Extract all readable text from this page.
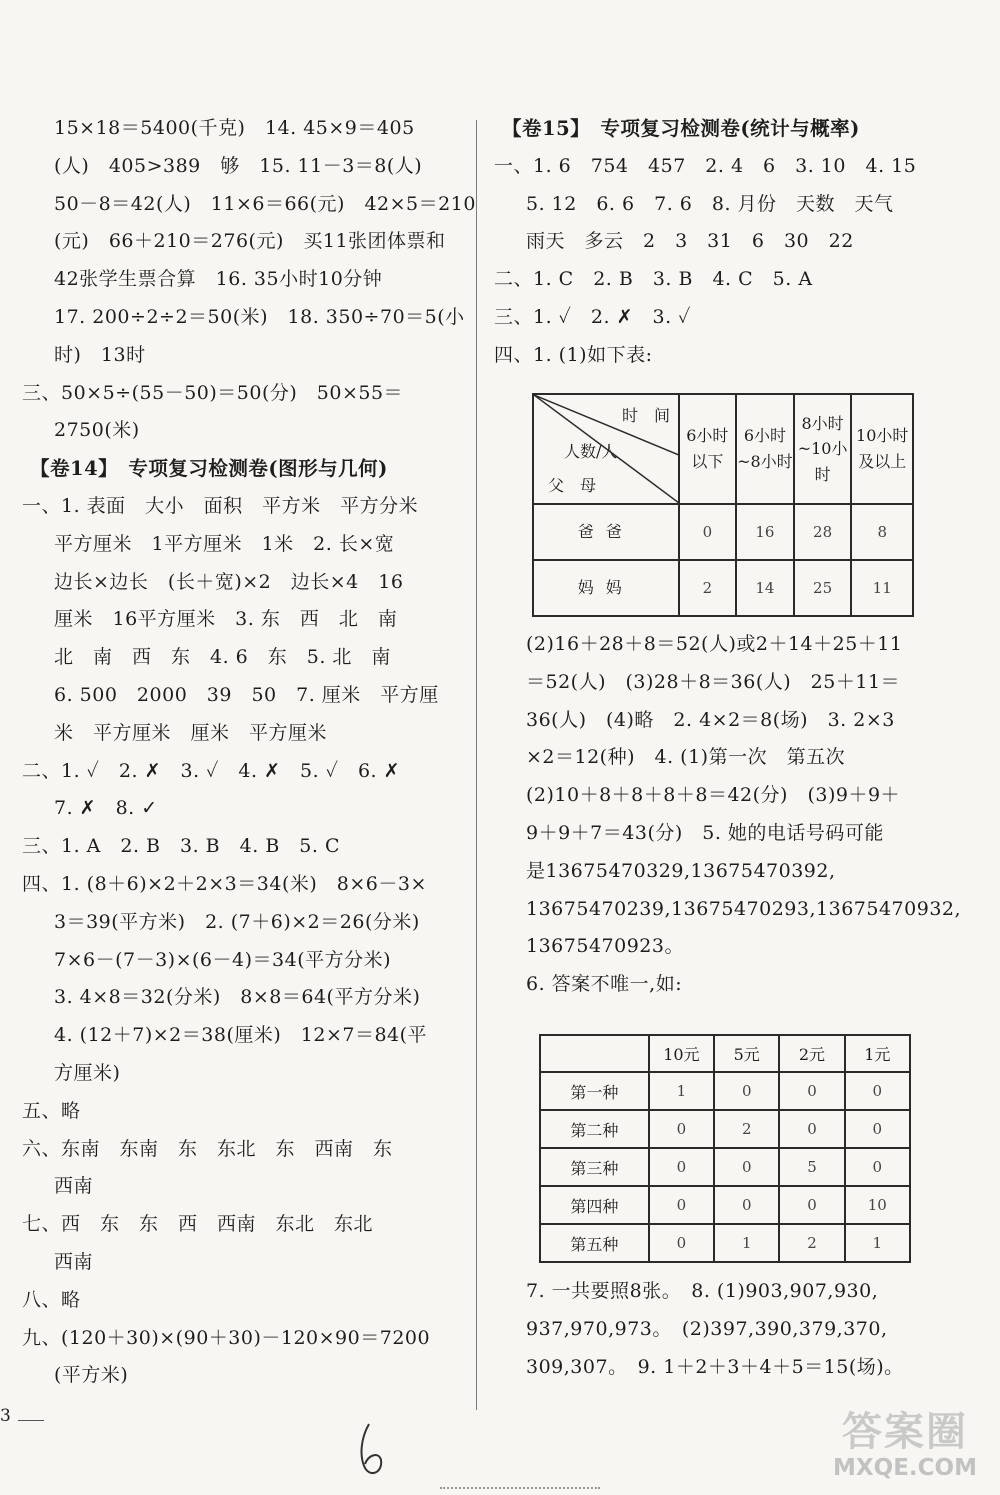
15×18＝5400(千克)　14. 45×9＝405
(人)　405>389　够　15. 11－3＝8(人)
50－8＝42(人)　11×6＝66(元)　42×5＝210
(元)　66＋210＝276(元)　买11张团体票和
42张学生票合算　16. 35小时10分钟
17. 200÷2÷2＝50(米)　18. 350÷70＝5(小
时)　13时
三、50×5÷(55－50)＝50(分)　50×55＝
2750(米)
【卷14】　专项复习检测卷(图形与几何)
一、1. 表面　大小　面积　平方米　平方分米
平方厘米　1平方厘米　1米　2. 长×宽
边长×边长　(长＋宽)×2　边长×4　16
厘米　16平方厘米　3. 东　西　北　南
北　南　西　东　4. 6　东　5. 北　南
6. 500　2000　39　50　7. 厘米　平方厘
米　平方厘米　厘米　平方厘米
二、1. ✓　2. ✗　3. ✓　4. ✗　5. ✓　6. ✗
7. ✗　8. ✓
三、1. A　2. B　3. B　4. B　5. C
四、1. (8＋6)×2＋2×3＝34(米)　8×6－3×
3＝39(平方米)　2. (7＋6)×2＝26(分米)
7×6－(7－3)×(6－4)＝34(平方分米)
3. 4×8＝32(分米)　8×8＝64(平方分米)
4. (12＋7)×2＝38(厘米)　12×7＝84(平
方厘米)
五、略
六、东南　东南　东　东北　东　西南　东
西南
七、西　东　东　西　西南　东北　东北
西南
八、略
九、(120＋30)×(90＋30)－120×90＝7200
(平方米)
【卷15】　专项复习检测卷(统计与概率)
一、1. 6　754　457　2. 4　6　3. 10　4. 15
5. 12　6. 6　7. 6　8. 月份　天数　天气
雨天　多云　2　3　31　6　30　22
二、1. C　2. B　3. B　4. C　5. A
三、1. ✓　2. ✗　3. ✓
四、1. (1)如下表:
时　间
人数/人
父　母	6小时以下	6小时~8小时	8小时~10小时	10小时及以上
爸爸	0	16	28	8
妈妈	2	14	25	11
(2)16＋28＋8＝52(人)或2＋14＋25＋11
＝52(人)　(3)28＋8＝36(人)　25＋11＝
36(人)　(4)略　2. 4×2＝8(场)　3. 2×3
×2＝12(种)　4. (1)第一次　第五次
(2)10＋8＋8＋8＋8＝42(分)　(3)9＋9＋
9＋9＋7＝43(分)　5. 她的电话号码可能
是13675470329,13675470392,
13675470239,13675470293,13675470932,
13675470923。
6. 答案不唯一,如:
	10元	5元	2元	1元
第一种	1	0	0	0
第二种	0	2	0	0
第三种	0	0	5	0
第四种	0	0	0	10
第五种	0	1	2	1
7. 一共要照8张。　8. (1)903,907,930,
937,970,973。　(2)397,390,379,370,
309,307。　9. 1＋2＋3＋4＋5＝15(场)。
3	答案圈
MXQE.COM
